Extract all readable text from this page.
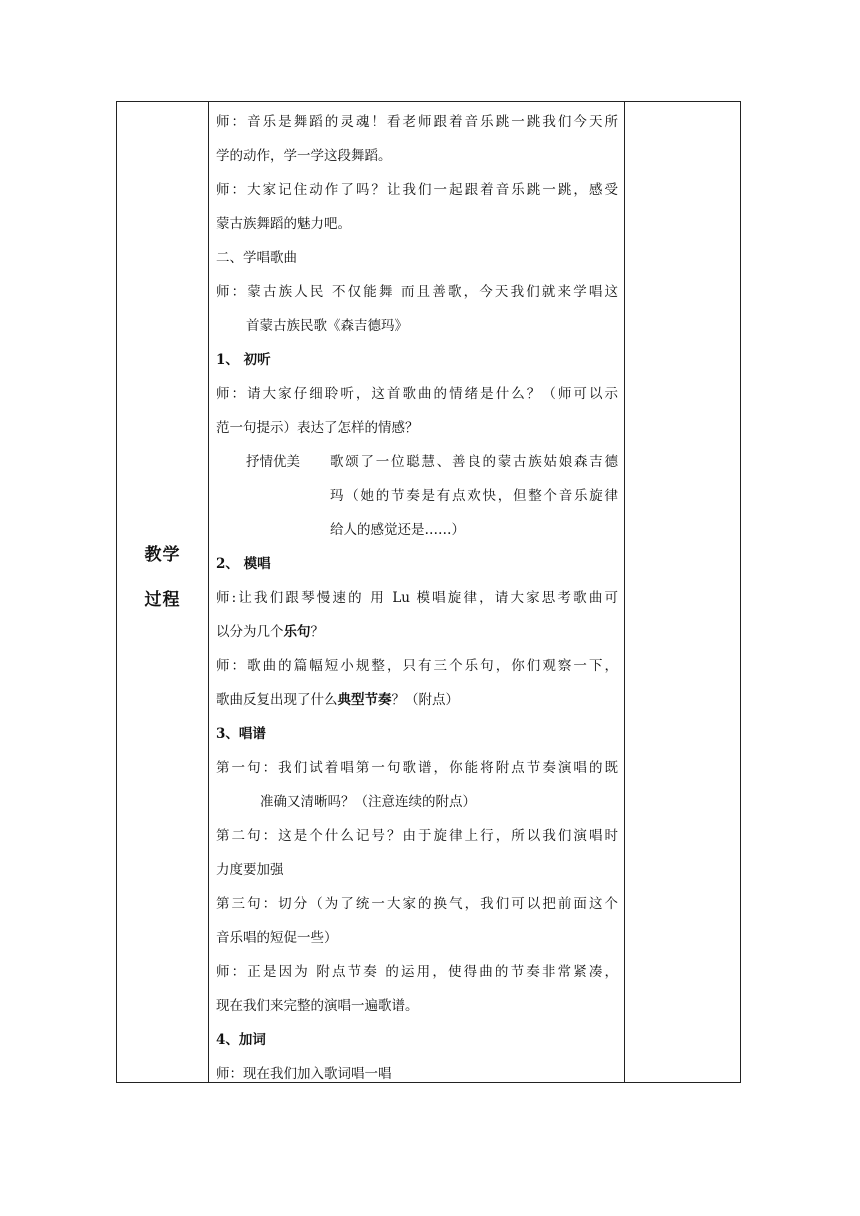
教学
过程
师：音乐是舞蹈的灵魂！看老师跟着音乐跳一跳我们今天所
学的动作，学一学这段舞蹈。
师：大家记住动作了吗？让我们一起跟着音乐跳一跳，感受
蒙古族舞蹈的魅力吧。
二、学唱歌曲
师：蒙古族人民 不仅能舞 而且善歌，今天我们就来学唱这
首蒙古族民歌《森吉德玛》
1、 初听
师：请大家仔细聆听，这首歌曲的情绪是什么？（师可以示
范一句提示）表达了怎样的情感？
抒情优美 歌颂了一位聪慧、善良的蒙古族姑娘森吉德
玛（她的节奏是有点欢快，但整个音乐旋律
给人的感觉还是……）
2、 模唱
师:让我们跟琴慢速的 用 Lu 模唱旋律，请大家思考歌曲可
以分为几个乐句？
师：歌曲的篇幅短小规整，只有三个乐句，你们观察一下，
歌曲反复出现了什么典型节奏？（附点）
3、唱谱
第一句：我们试着唱第一句歌谱，你能将附点节奏演唱的既
准确又清晰吗？（注意连续的附点）
第二句：这是个什么记号？由于旋律上行，所以我们演唱时
力度要加强
第三句：切分（为了统一大家的换气，我们可以把前面这个
音乐唱的短促一些）
师：正是因为 附点节奏 的运用，使得曲的节奏非常紧凑，
现在我们来完整的演唱一遍歌谱。
4、加词
师：现在我们加入歌词唱一唱
